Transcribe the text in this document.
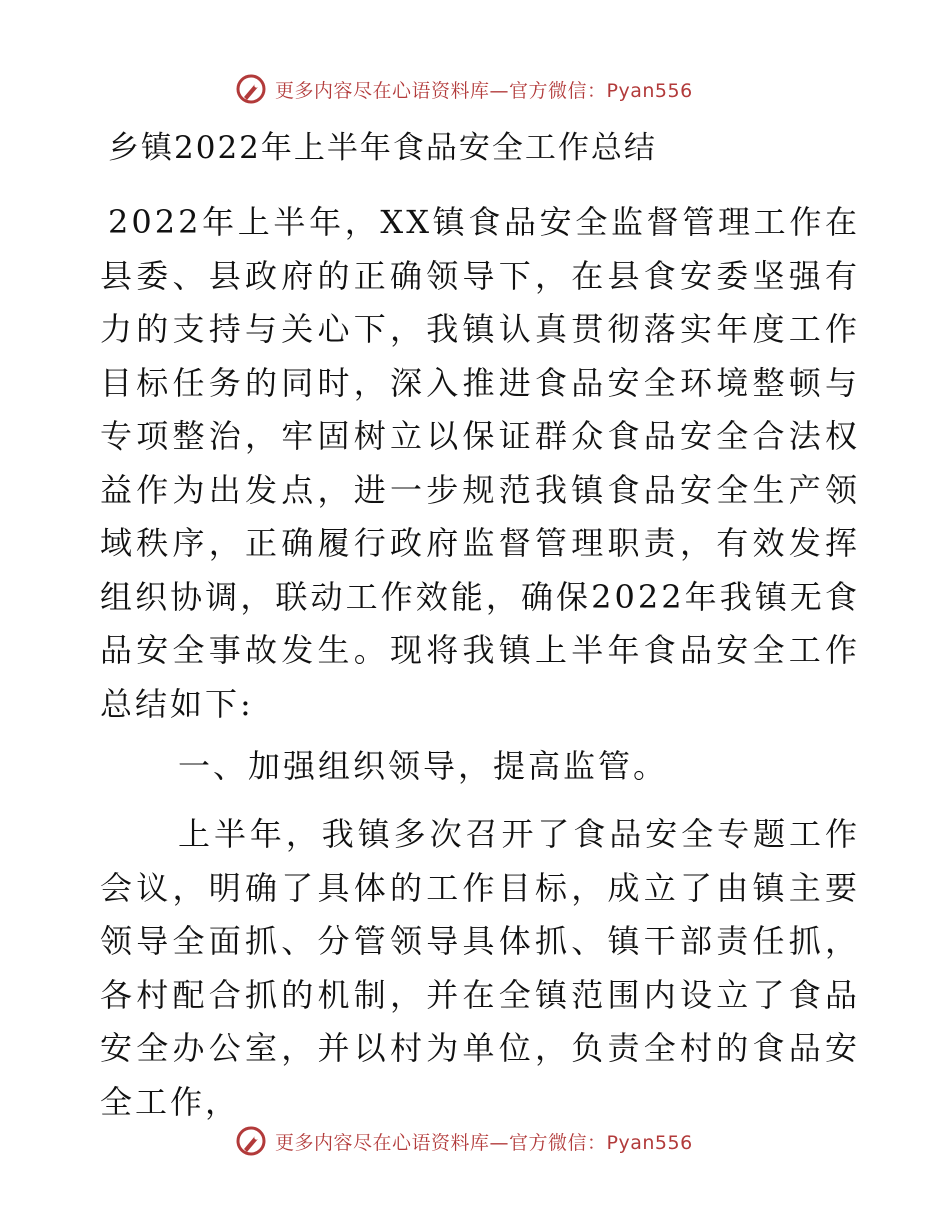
更多内容尽在心语资料库—官方微信：Pyan556
乡镇2022年上半年食品安全工作总结
2022年上半年，XX镇食品安全监督管理工作在县委、县政府的正确领导下，在县食安委坚强有力的支持与关心下，我镇认真贯彻落实年度工作目标任务的同时，深入推进食品安全环境整顿与专项整治，牢固树立以保证群众食品安全合法权益作为出发点，进一步规范我镇食品安全生产领域秩序，正确履行政府监督管理职责，有效发挥组织协调，联动工作效能，确保2022年我镇无食品安全事故发生。现将我镇上半年食品安全工作总结如下:
一、加强组织领导，提高监管。
上半年，我镇多次召开了食品安全专题工作会议，明确了具体的工作目标，成立了由镇主要领导全面抓、分管领导具体抓、镇干部责任抓，各村配合抓的机制，并在全镇范围内设立了食品安全办公室，并以村为单位，负责全村的食品安全工作，
更多内容尽在心语资料库—官方微信：Pyan556
